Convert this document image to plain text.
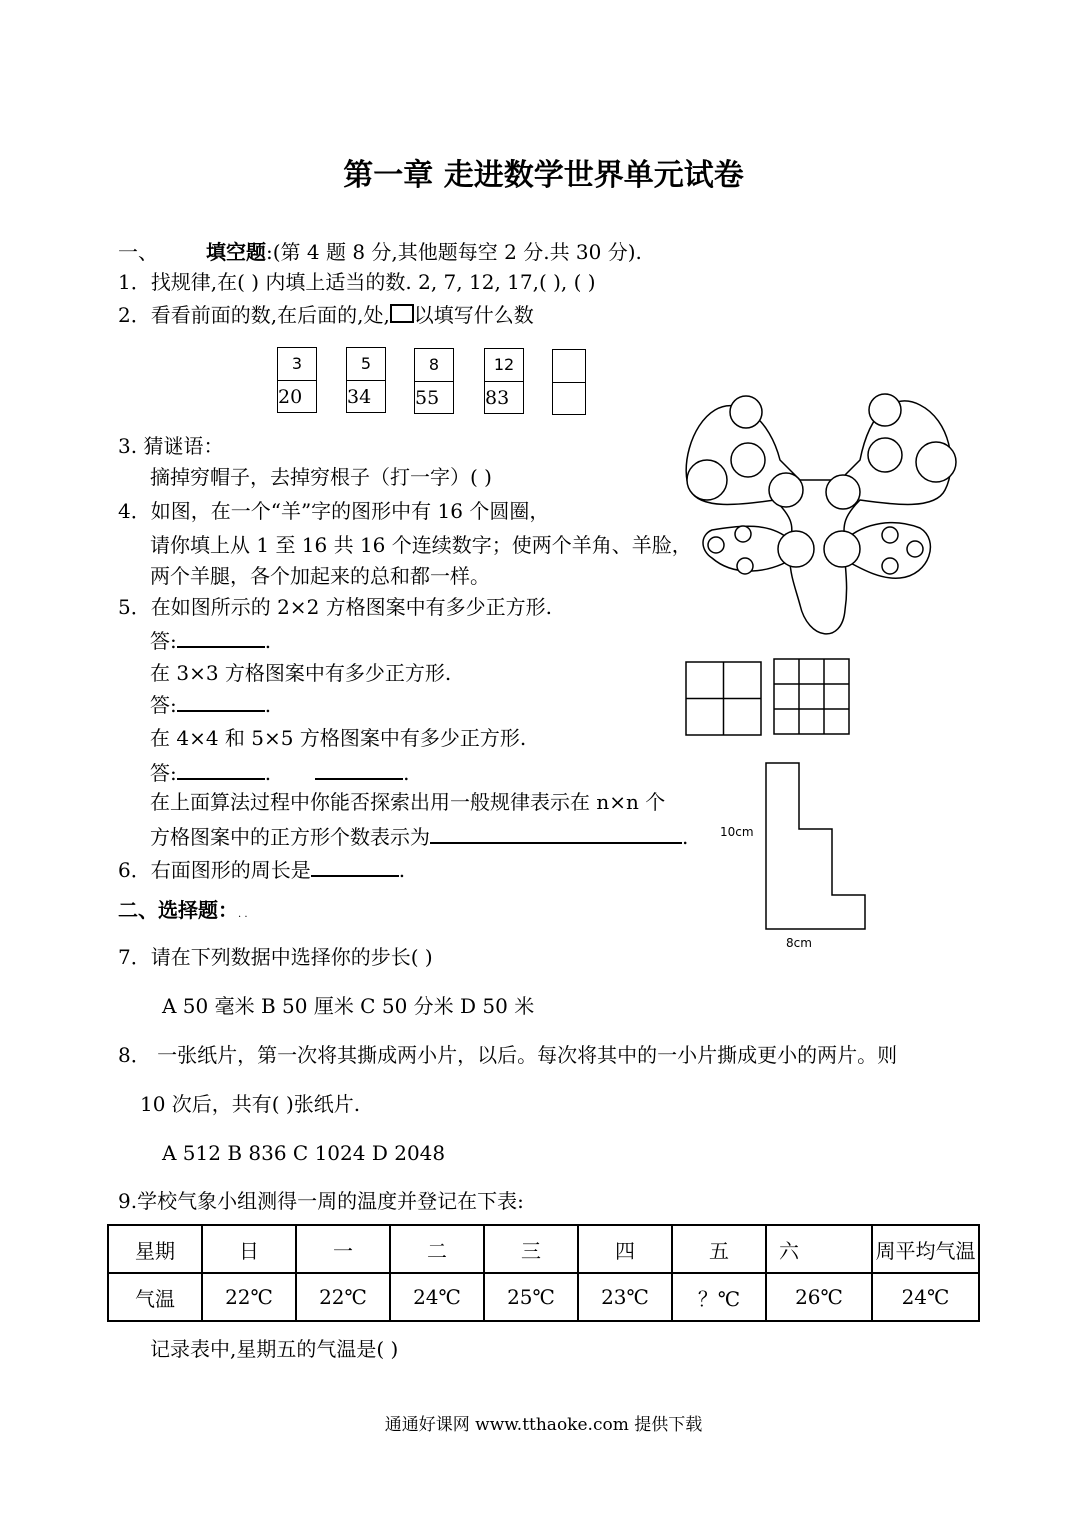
第一章 走进数学世界单元试卷
一、 填空题:(第 4 题 8 分,其他题每空 2 分.共 30 分).
1．找规律,在( ) 内填上适当的数. 2, 7, 12, 17,( ), ( )
2．看看前面的数,在后面的,处, 以填写什么数
3
20
5
34
8
55
12
83
3. 猜谜语：
摘掉穷帽子，去掉穷根子（打一字）( )
4．如图，在一个“羊”字的图形中有 16 个圆圈，
请你填上从 1 至 16 共 16 个连续数字；使两个羊角、羊脸，
两个羊腿，各个加起来的总和都一样。
5．在如图所示的 2×2 方格图案中有多少正方形.
答:	.
在 3×3 方格图案中有多少正方形.
答:	.
在 4×4 和 5×5 方格图案中有多少正方形.
答:	.	.
在上面算法过程中你能否探索出用一般规律表示在 n×n 个
方格图案中的正方形个数表示为	.	10cm
8cm
6．右面图形的周长是	.
二、选择题：. .
7．请在下列数据中选择你的步长( )
A 50 毫米 B 50 厘米 C 50 分米 D 50 米
8． 一张纸片，第一次将其撕成两小片，以后。每次将其中的一小片撕成更小的两片。则
10 次后，共有( )张纸片.
A 512 B 836 C 1024 D 2048
9.学校气象小组测得一周的温度并登记在下表:
星期	日	一	二	三	四	五	六	周平均气温
气温	22℃	22℃	24℃	25℃	23℃	？℃	26℃	24℃
记录表中,星期五的气温是( )
通通好课网 www.tthaoke.com 提供下载
